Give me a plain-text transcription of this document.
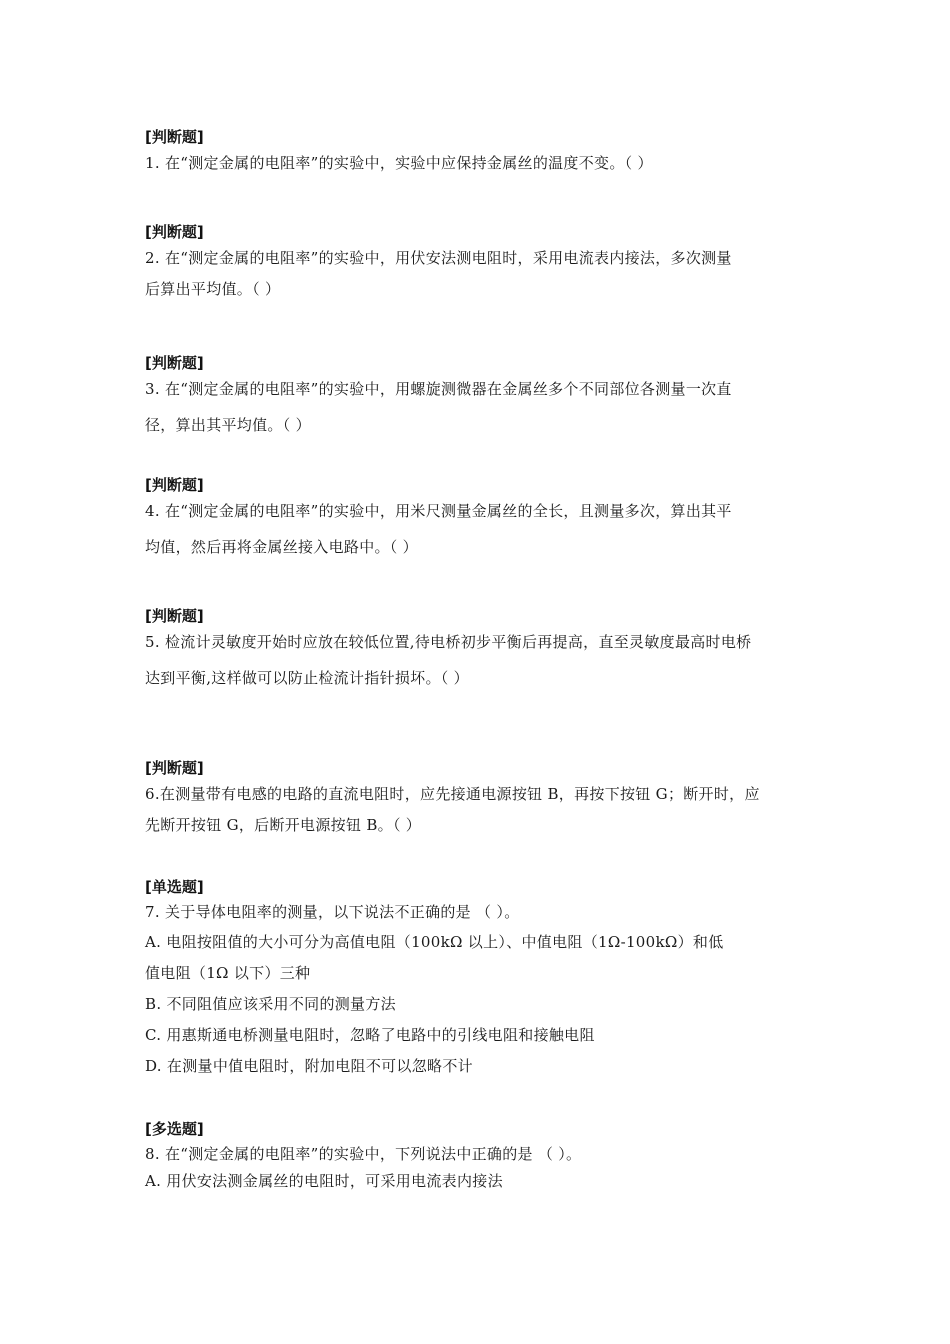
[判断题]
1. 在“测定金属的电阻率”的实验中，实验中应保持金属丝的温度不变。（ ）
[判断题]
2. 在“测定金属的电阻率”的实验中，用伏安法测电阻时，采用电流表内接法，多次测量
后算出平均值。（ ）
[判断题]
3. 在“测定金属的电阻率”的实验中，用螺旋测微器在金属丝多个不同部位各测量一次直
径，算出其平均值。（ ）
[判断题]
4. 在“测定金属的电阻率”的实验中，用米尺测量金属丝的全长，且测量多次，算出其平
均值，然后再将金属丝接入电路中。（ ）
[判断题]
5. 检流计灵敏度开始时应放在较低位置,待电桥初步平衡后再提高，直至灵敏度最高时电桥
达到平衡,这样做可以防止检流计指针损坏。（ ）
[判断题]
6.在测量带有电感的电路的直流电阻时，应先接通电源按钮 B，再按下按钮 G；断开时，应
先断开按钮 G，后断开电源按钮 B。（ ）
[单选题]
7. 关于导体电阻率的测量，以下说法不正确的是 （ ）。
A. 电阻按阻值的大小可分为高值电阻（100kΩ 以上）、中值电阻（1Ω-100kΩ）和低
值电阻（1Ω 以下）三种
B. 不同阻值应该采用不同的测量方法
C. 用惠斯通电桥测量电阻时，忽略了电路中的引线电阻和接触电阻
D. 在测量中值电阻时，附加电阻不可以忽略不计
[多选题]
8. 在“测定金属的电阻率”的实验中，下列说法中正确的是 （ ）。
A. 用伏安法测金属丝的电阻时，可采用电流表内接法
